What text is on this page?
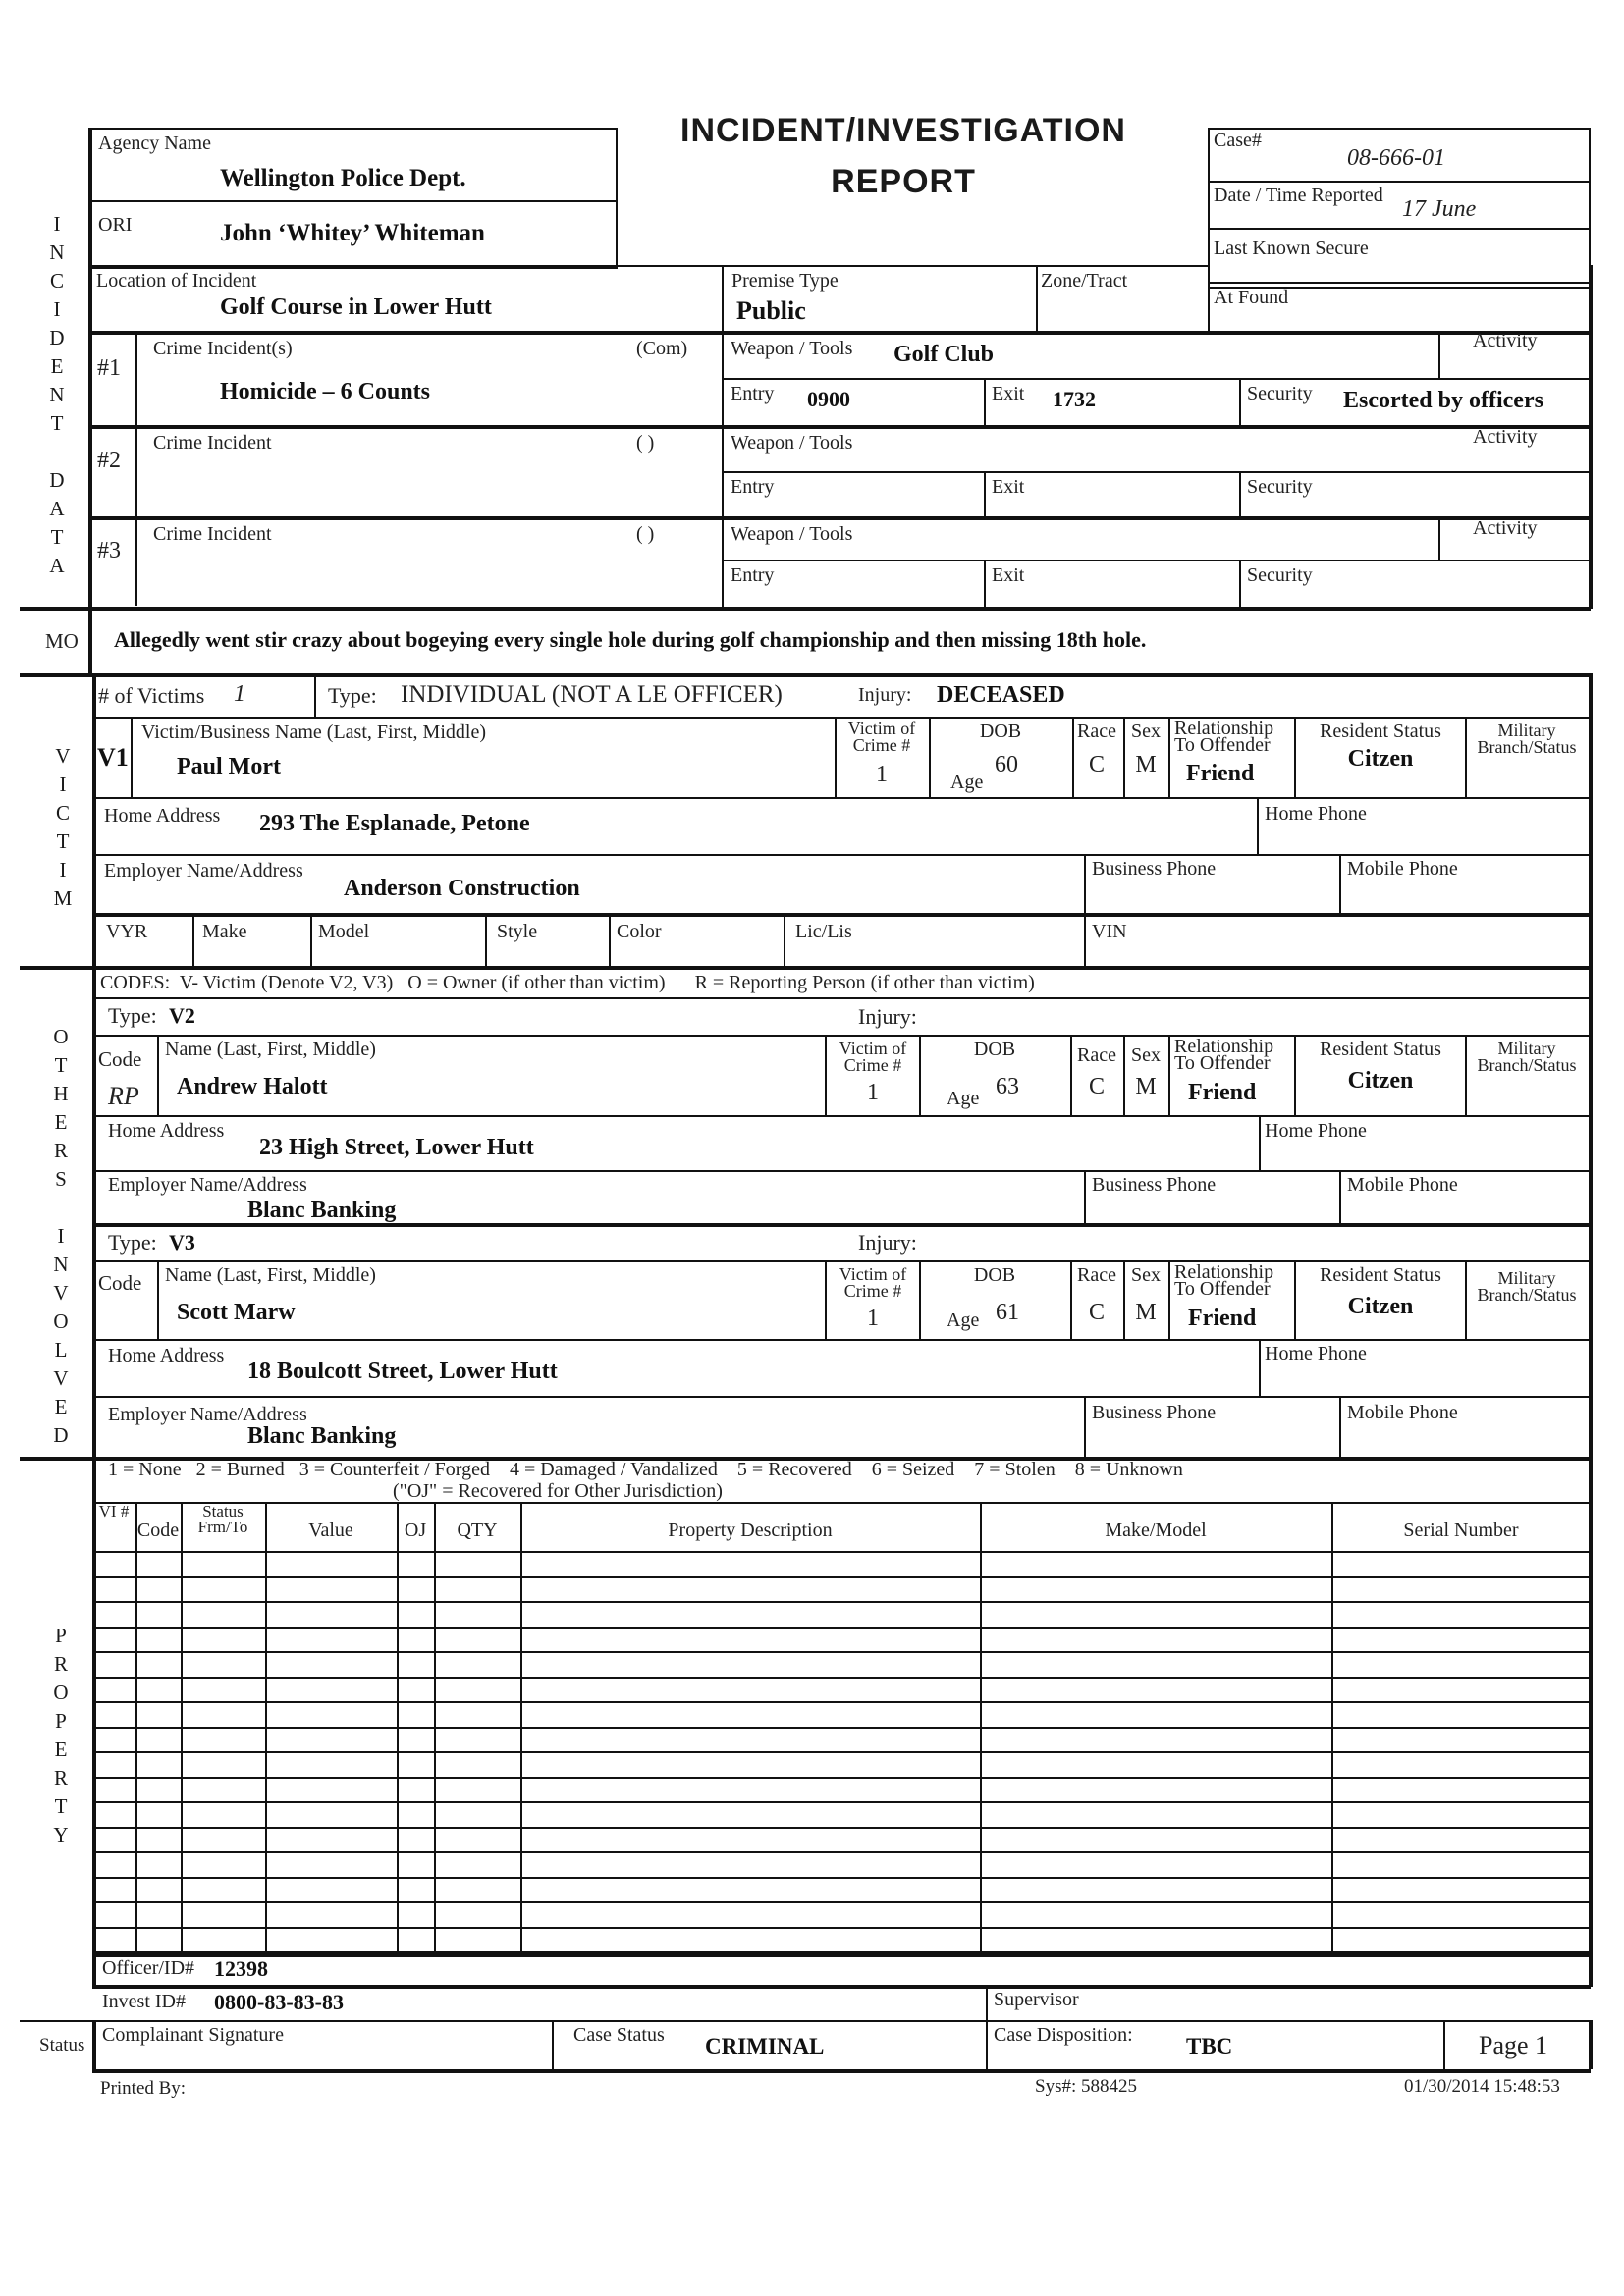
Agency Name
Wellington Police Dept.
ORI	John ‘Whitey’ Whiteman
INCIDENT/INVESTIGATION
REPORT
Case#
08-666-01
Date / Time Reported
17 June
Last Known Secure
At Found
I
N
C
I
D
E
N
T

D
A
T
A
Location of Incident
Golf Course in Lower Hutt
Premise Type
Public
Zone/Tract
#1
Crime Incident(s)	(Com)
Homicide – 6 Counts
Weapon / Tools Golf Club
Activity
Entry 0900	Exit 1732	Security Escorted by officers
#2
Crime Incident	( )	Weapon / Tools	Activity
Entry	Exit	Security
#3
Crime Incident	( )	Weapon / Tools	Activity
Entry	Exit	Security
MO Allegedly went stir crazy about bogeying every single hole during golf championship and then missing 18th hole.
V
I
C
T
I
M
# of Victims 1	Type: INDIVIDUAL (NOT A LE OFFICER)	Injury: DECEASED
V1
Victim/Business Name (Last, First, Middle)
Paul Mort
Victim of Crime #
1
DOB
Age
60
Race
C
Sex
M
Relationship To Offender
Friend
Resident Status
Citzen
Military Branch/Status
Home Address 293 The Esplanade, Petone	Home Phone
Employer Name/Address
Anderson Construction
Business Phone	Mobile Phone
VYR	Make	Model	Style	Color	Lic/Lis	VIN
O
T
H
E
R
S

I
N
V
O
L
V
E
D
CODES:  V- Victim (Denote V2, V3)   O = Owner (if other than victim)      R = Reporting Person (if other than victim)
Type: V2	Injury:
Code
RP
Name (Last, First, Middle)
Andrew Halott
Victim of Crime #
1
DOB
Age 63
Race
C
Sex
M
Relationship To Offender
Friend
Resident Status
Citzen
Military Branch/Status
Home Address
23 High Street, Lower Hutt
Home Phone
Employer Name/Address
Blanc Banking
Business Phone	Mobile Phone
Type: V3	Injury:
Code Name (Last, First, Middle)
Scott Marw
Victim of Crime #
1
DOB
Age 61
Race
C
Sex
M
Relationship To Offender
Friend
Resident Status
Citzen
Military Branch/Status
Home Address
18 Boulcott Street, Lower Hutt
Home Phone
Employer Name/Address
Blanc Banking
Business Phone	Mobile Phone
P
R
O
P
E
R
T
Y
1 = None   2 = Burned   3 = Counterfeit / Forged    4 = Damaged / Vandalized    5 = Recovered    6 = Seized    7 = Stolen    8 = Unknown
("OJ" = Recovered for Other Jurisdiction)
VI #
Code
Status Frm/To	Value	OJ	QTY	Property Description	Make/Model	Serial Number
Officer/ID# 12398
Invest ID# 0800-83-83-83	Supervisor
Status Complainant Signature	Case Status CRIMINAL	Case Disposition: TBC	Page 1
Printed By:	Sys#: 588425	01/30/2014 15:48:53
